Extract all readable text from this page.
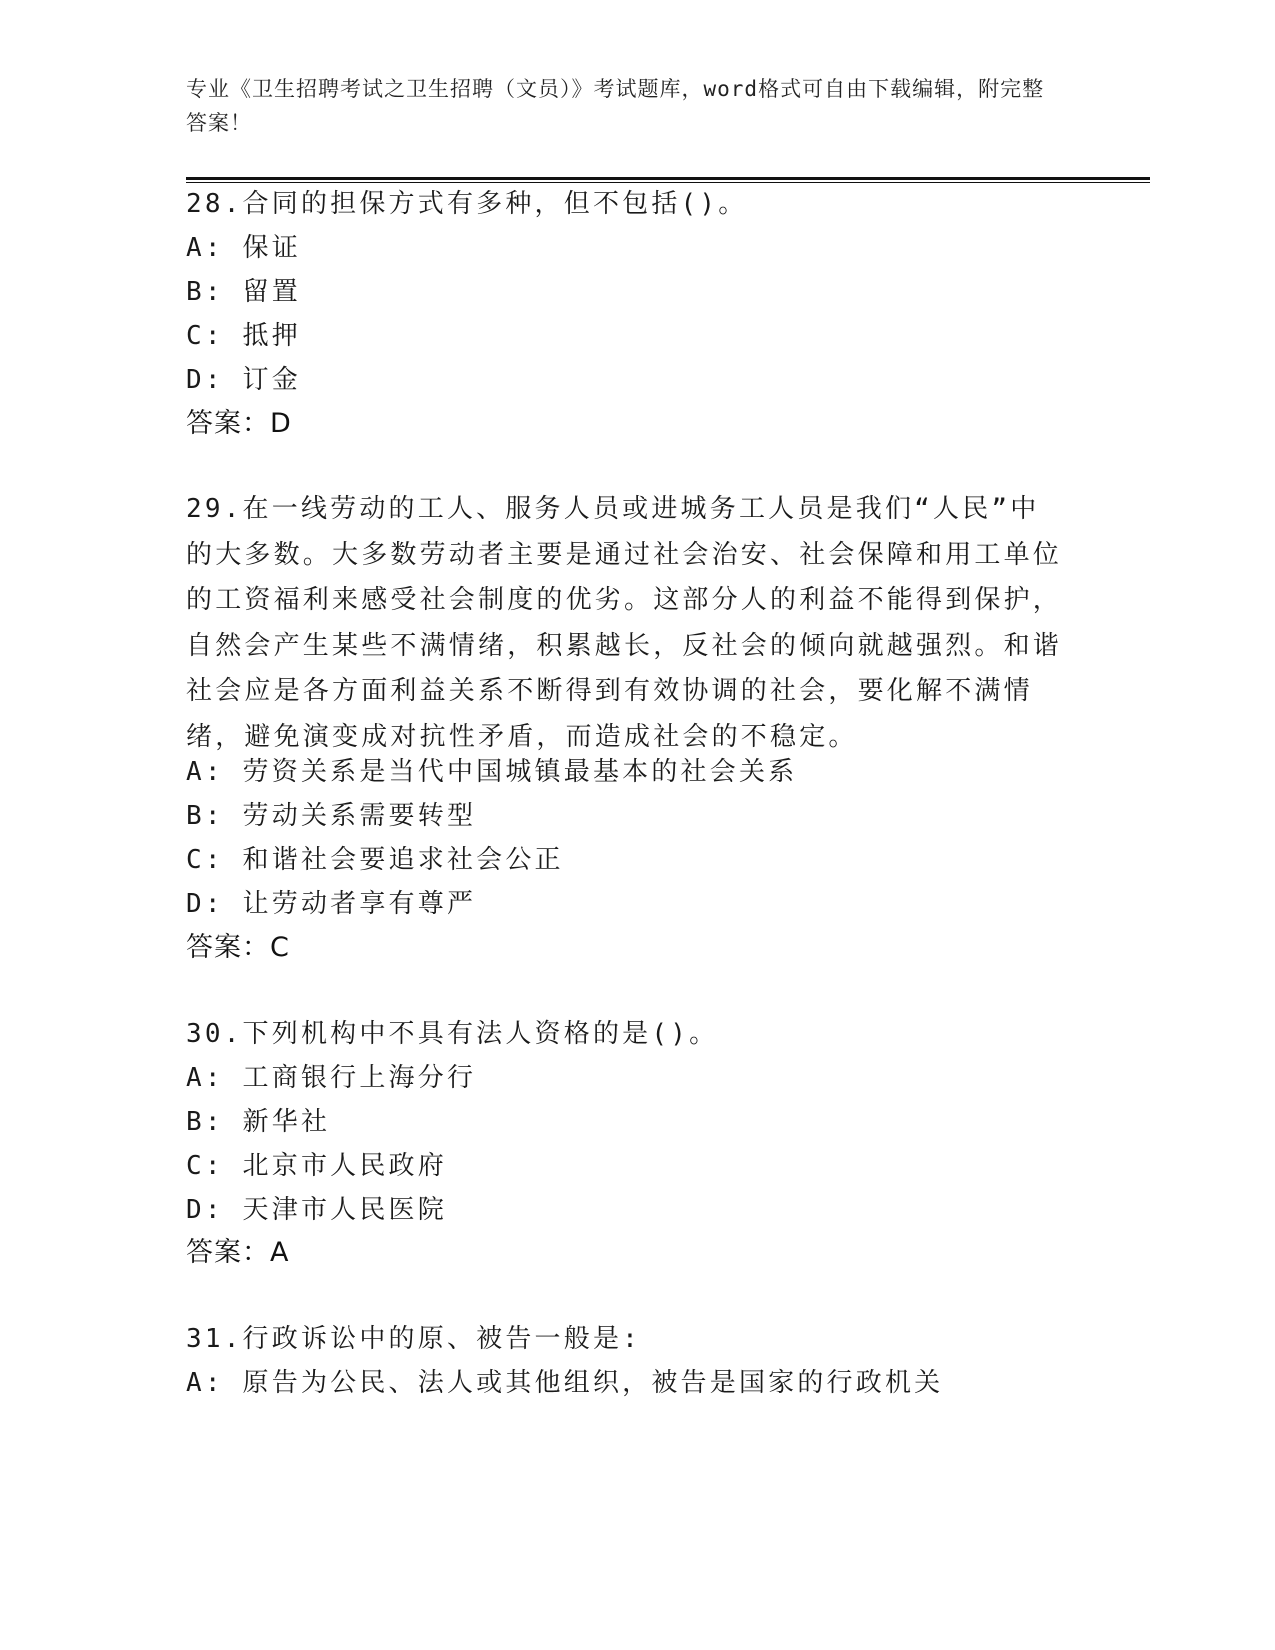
专业《卫生招聘考试之卫生招聘（文员）》考试题库，word格式可自由下载编辑，附完整答案！
28.合同的担保方式有多种，但不包括()。
A: 保证
B: 留置
C: 抵押
D: 订金
答案：D
29.在一线劳动的工人、服务人员或进城务工人员是我们“人民”中的大多数。大多数劳动者主要是通过社会治安、社会保障和用工单位的工资福利来感受社会制度的优劣。这部分人的利益不能得到保护，自然会产生某些不满情绪，积累越长，反社会的倾向就越强烈。和谐社会应是各方面利益关系不断得到有效协调的社会，要化解不满情绪，避免演变成对抗性矛盾，而造成社会的不稳定。
A: 劳资关系是当代中国城镇最基本的社会关系
B: 劳动关系需要转型
C: 和谐社会要追求社会公正
D: 让劳动者享有尊严
答案：C
30.下列机构中不具有法人资格的是()。
A: 工商银行上海分行
B: 新华社
C: 北京市人民政府
D: 天津市人民医院
答案：A
31.行政诉讼中的原、被告一般是:
A: 原告为公民、法人或其他组织，被告是国家的行政机关
